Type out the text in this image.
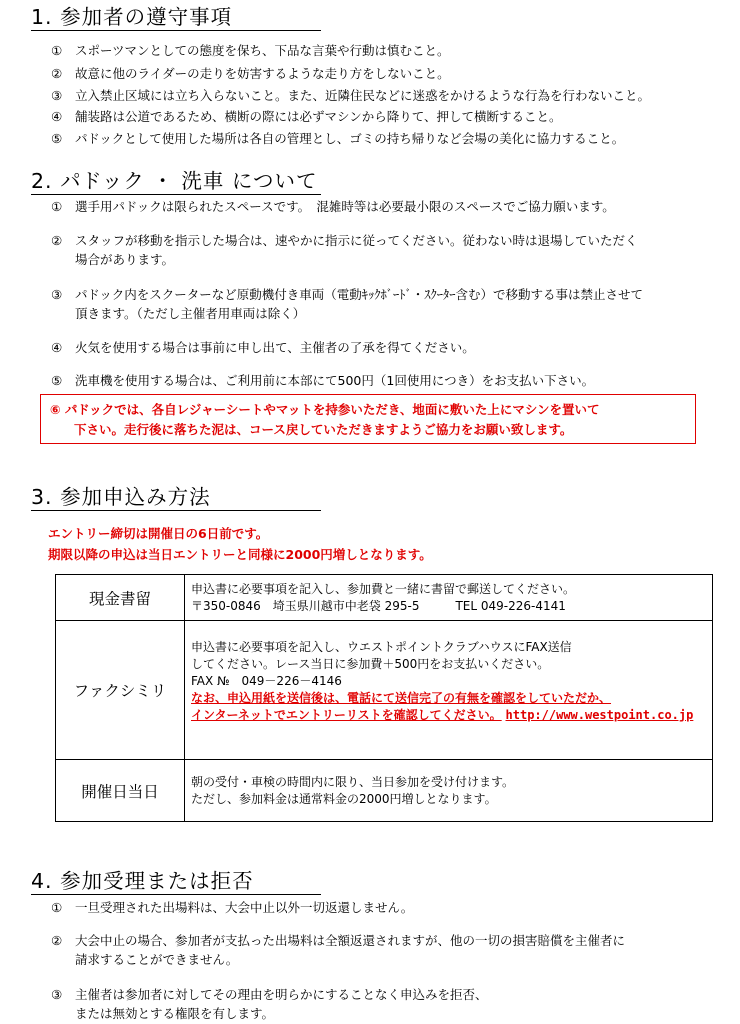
1. 参加者の遵守事項
① スポーツマンとしての態度を保ち、下品な言葉や行動は慎むこと。
② 故意に他のライダーの走りを妨害するような走り方をしないこと。
③ 立入禁止区域には立ち入らないこと。また、近隣住民などに迷惑をかけるような行為を行わないこと。
④ 舗装路は公道であるため、横断の際には必ずマシンから降りて、押して横断すること。
⑤ パドックとして使用した場所は各自の管理とし、ゴミの持ち帰りなど会場の美化に協力すること。
2. パドック ・ 洗車 について
① 選手用パドックは限られたスペースです。　混雑時等は必要最小限のスペースでご協力願います。
② スタッフが移動を指示した場合は、速やかに指示に従ってください。従わない時は退場していただく
場合があります。
③ パドック内をスクーターなど原動機付き車両（電動ｷｯｸﾎﾞｰﾄﾞ・ｽｸｰﾀｰ含む）で移動する事は禁止させて
頂きます。（ただし主催者用車両は除く）
④ 火気を使用する場合は事前に申し出て、主催者の了承を得てください。
⑤ 洗車機を使用する場合は、ご利用前に本部にて500円（1回使用につき）をお支払い下さい。
⑥ パドックでは、各自レジャーシートやマットを持参いただき、地面に敷いた上にマシンを置いて
下さい。走行後に落ちた泥は、コース戻していただきますようご協力をお願い致します。
3. 参加申込み方法
エントリー締切は開催日の6日前です。
期限以降の申込は当日エントリーと同様に2000円増しとなります。
現金書留	申込書に必要事項を記入し、参加費と一緒に書留で郵送してください。
〒350-0846　埼玉県川越市中老袋 295-5　　　TEL 049-226-4141

ファクシミリ	申込書に必要事項を記入し、ウエストポイントクラブハウスにFAX送信
してください。レース当日に参加費＋500円をお支払いください。
FAX №　049－226－4146
なお、申込用紙を送信後は、電話にて送信完了の有無を確認をしていただか、
インターネットでエントリーリストを確認してください。 http://www.westpoint.co.jp

開催日当日	朝の受付・車検の時間内に限り、当日参加を受け付けます。
ただし、参加料金は通常料金の2000円増しとなります。
4. 参加受理または拒否
① 一旦受理された出場料は、大会中止以外一切返還しません。
② 大会中止の場合、参加者が支払った出場料は全額返還されますが、他の一切の損害賠償を主催者に
請求することができません。
③ 主催者は参加者に対してその理由を明らかにすることなく申込みを拒否、
または無効とする権限を有します。
